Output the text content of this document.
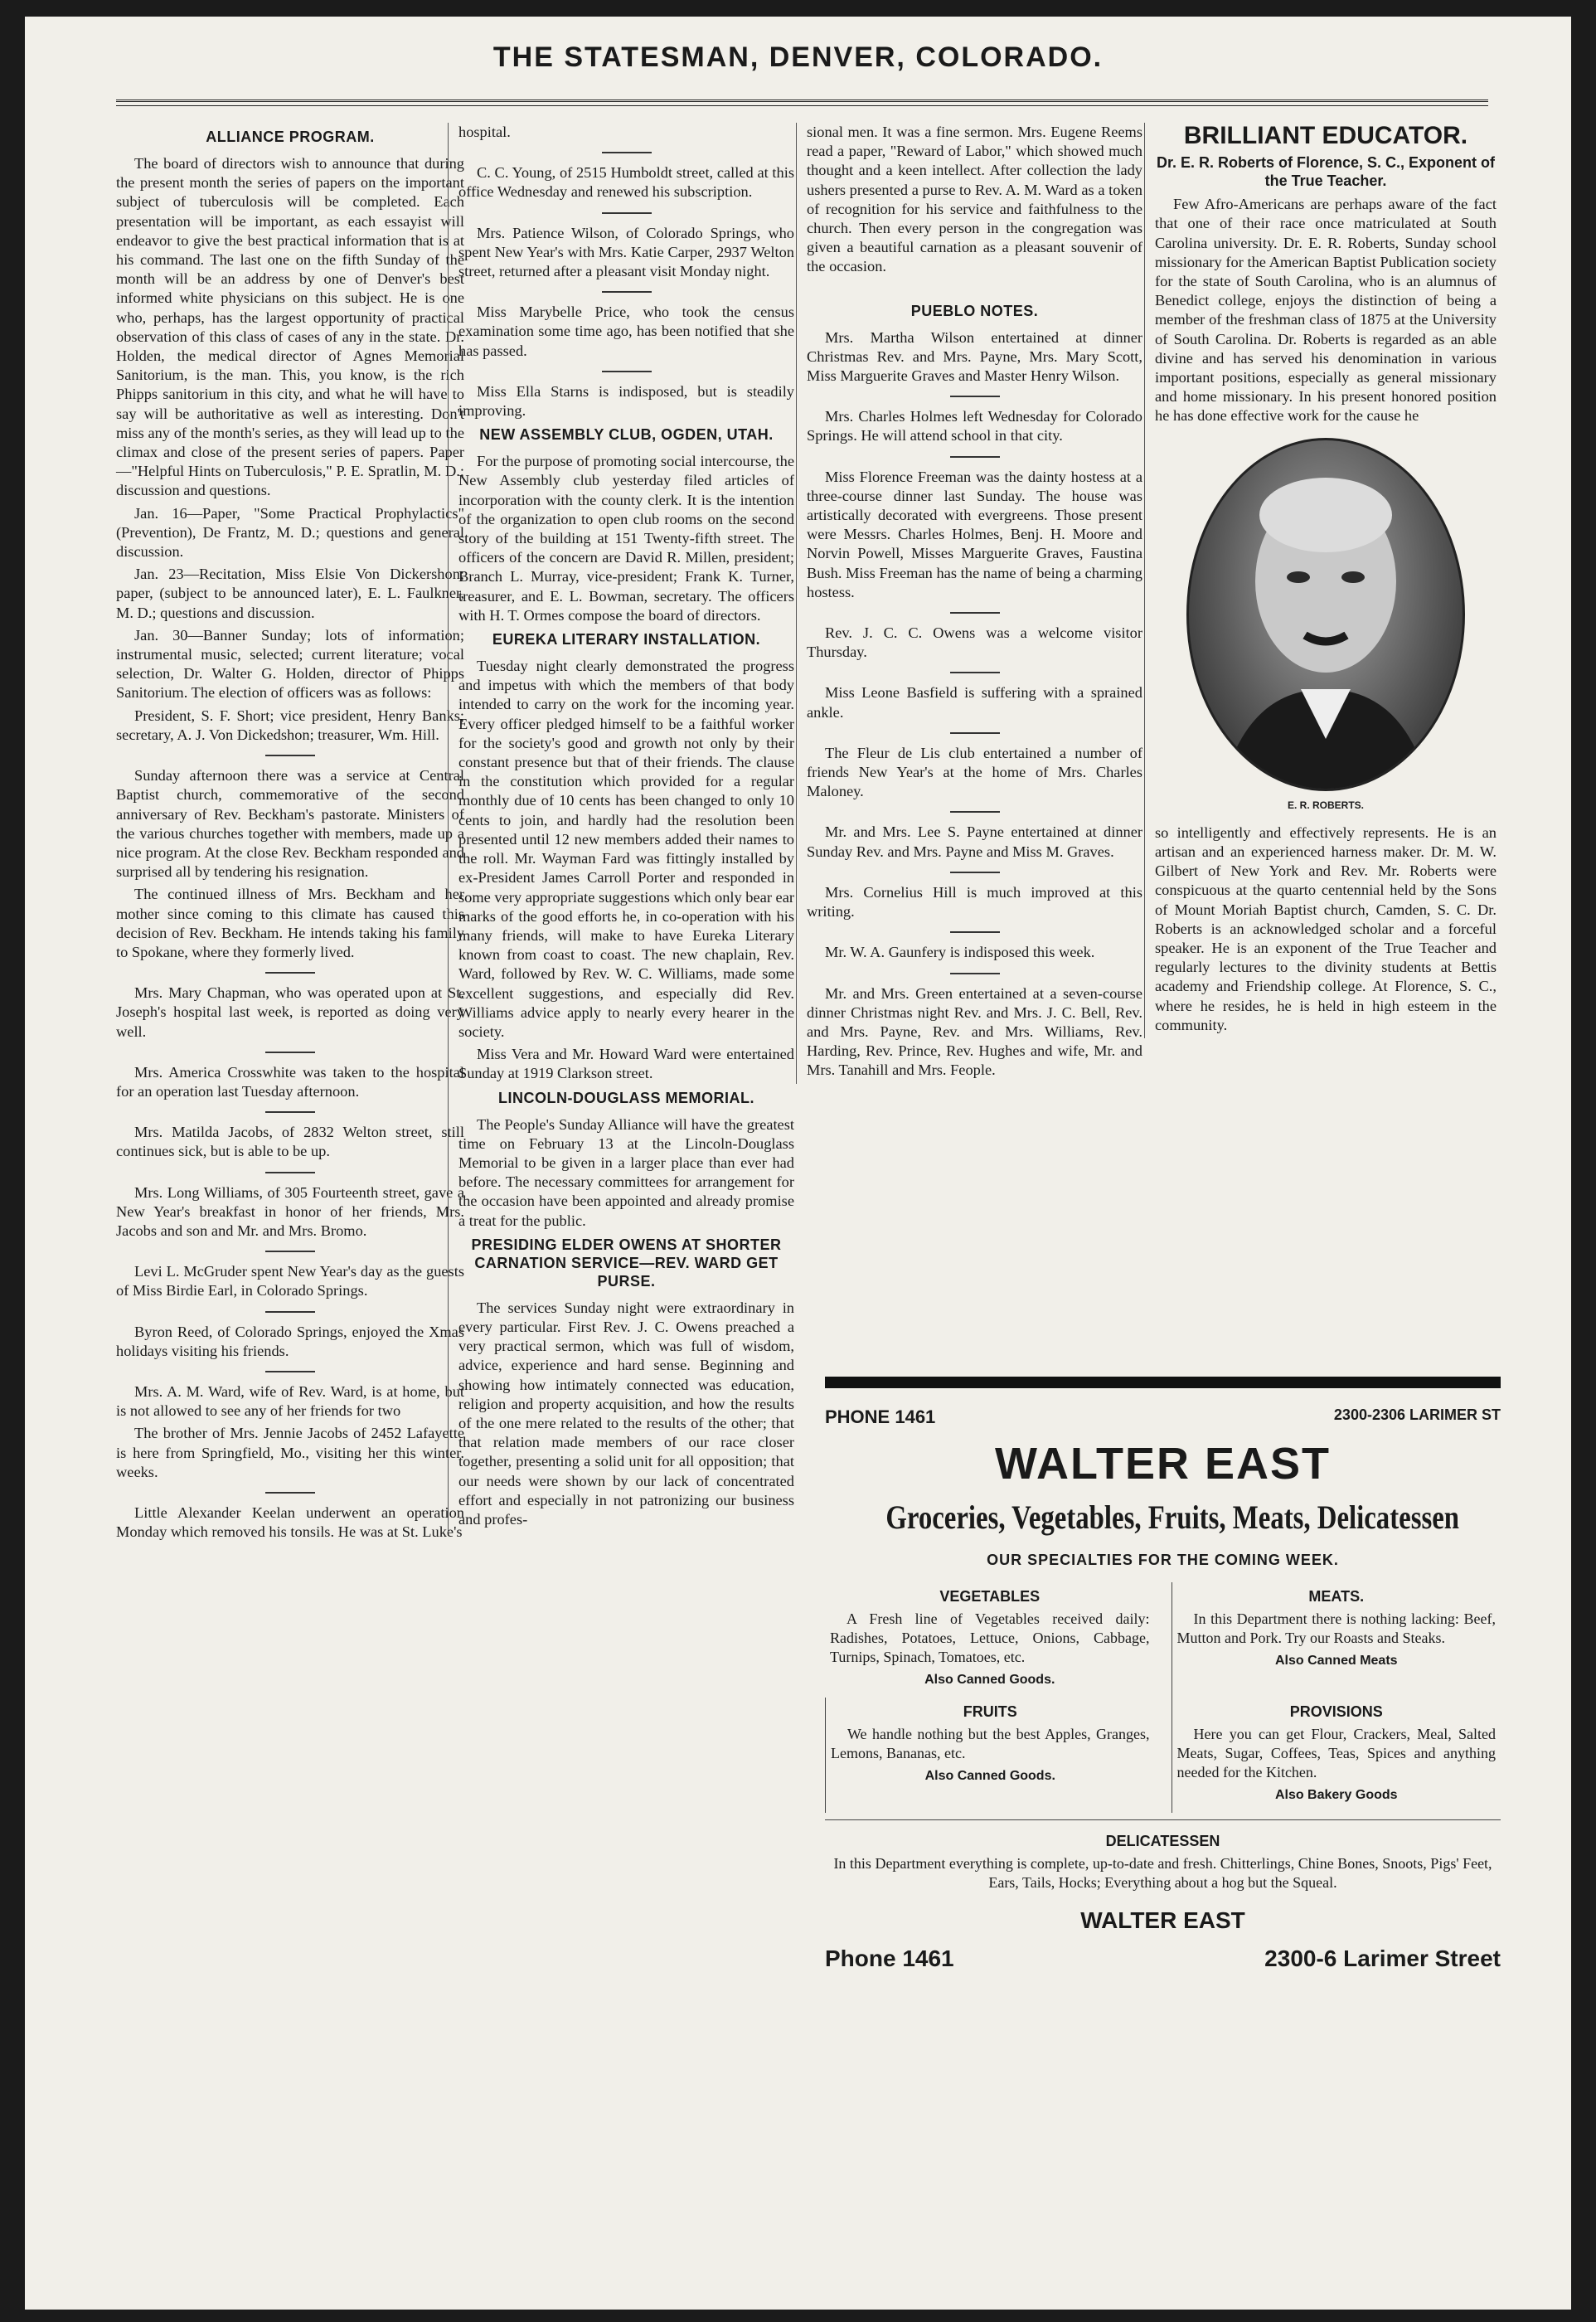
THE STATESMAN, DENVER, COLORADO.
ALLIANCE PROGRAM.

The board of directors wish to announce that during the present month the series of papers on the important subject of tuberculosis will be completed. Each presentation will be important, as each essayist will endeavor to give the best practical information that is at his command. The last one on the fifth Sunday of the month will be an address by one of Denver's best informed white physicians on this subject. He is one who, perhaps, has the largest opportunity of practical observation of this class of cases of any in the state. Dr. Holden, the medical director of Agnes Memorial Sanitorium, is the man. This, you know, is the rich Phipps sanitorium in this city, and what he will have to say will be authoritative as well as interesting. Don't miss any of the month's series, as they will lead up to the climax and close of the present series of papers. Paper—"Helpful Hints on Tuberculosis," P. E. Spratlin, M. D.; discussion and questions.

Jan. 16—Paper, "Some Practical Prophylactics" (Prevention), De Frantz, M. D.; questions and general discussion.

Jan. 23—Recitation, Miss Elsie Von Dickershon; paper, (subject to be announced later), E. L. Faulkner, M. D.; questions and discussion.

Jan. 30—Banner Sunday; lots of information; instrumental music, selected; current literature; vocal selection, Dr. Walter G. Holden, director of Phipps Sanitorium. The election of officers was as follows:

President, S. F. Short; vice president, Henry Banks; secretary, A. J. Von Dickedshon; treasurer, Wm. Hill.

Sunday afternoon there was a service at Central Baptist church, commemorative of the second anniversary of Rev. Beckham's pastorate. Ministers of the various churches together with members, made up a nice program. At the close Rev. Beckham responded and surprised all by tendering his resignation.

The continued illness of Mrs. Beckham and her mother since coming to this climate has caused this decision of Rev. Beckham. He intends taking his family to Spokane, where they formerly lived.

Mrs. Mary Chapman, who was operated upon at St. Joseph's hospital last week, is reported as doing very well.

Mrs. America Crosswhite was taken to the hospital for an operation last Tuesday afternoon.

Mrs. Matilda Jacobs, of 2832 Welton street, still continues sick, but is able to be up.

Mrs. Long Williams, of 305 Fourteenth street, gave a New Year's breakfast in honor of her friends, Mrs. Jacobs and son and Mr. and Mrs. Bromo.

Levi L. McGruder spent New Year's day as the guests of Miss Birdie Earl, in Colorado Springs.

Byron Reed, of Colorado Springs, enjoyed the Xmas holidays visiting his friends.

Mrs. A. M. Ward, wife of Rev. Ward, is at home, but is not allowed to see any of her friends for two

The brother of Mrs. Jennie Jacobs of 2452 Lafayette is here from Springfield, Mo., visiting her this winter. weeks.

Little Alexander Keelan underwent an operation Monday which removed his tonsils. He was at St. Luke's

hospital.

C. C. Young, of 2515 Humboldt street, called at this office Wednesday and renewed his subscription.

Mrs. Patience Wilson, of Colorado Springs, who spent New Year's with Mrs. Katie Carper, 2937 Welton street, returned after a pleasant visit Monday night.

Miss Marybelle Price, who took the census examination some time ago, has been notified that she has passed.

Miss Ella Starns is indisposed, but is steadily improving.

NEW ASSEMBLY CLUB, OGDEN, UTAH.

For the purpose of promoting social intercourse, the New Assembly club yesterday filed articles of incorporation with the county clerk. It is the intention of the organization to open club rooms on the second story of the building at 151 Twenty-fifth street. The officers of the concern are David R. Millen, president; Branch L. Murray, vice-president; Frank K. Turner, treasurer, and E. L. Bowman, secretary. The officers with H. T. Ormes compose the board of directors.

EUREKA LITERARY INSTALLATION.

Tuesday night clearly demonstrated the progress and impetus with which the members of that body intended to carry on the work for the incoming year. Every officer pledged himself to be a faithful worker for the society's good and growth not only by their constant presence but that of their friends. The clause in the constitution which provided for a regular monthly due of 10 cents has been changed to only 10 cents to join, and hardly had the resolution been presented until 12 new members added their names to the roll. Mr. Wayman Fard was fittingly installed by ex-President James Carroll Porter and responded in some very appropriate suggestions which only bear ear marks of the good efforts he, in co-operation with his many friends, will make to have Eureka Literary known from coast to coast. The new chaplain, Rev. Ward, followed by Rev. W. C. Williams, made some excellent suggestions, and especially did Rev. Williams advice apply to nearly every hearer in the society.

Miss Vera and Mr. Howard Ward were entertained Sunday at 1919 Clarkson street.

LINCOLN-DOUGLASS MEMORIAL.

The People's Sunday Alliance will have the greatest time on February 13 at the Lincoln-Douglass Memorial to be given in a larger place than ever had before. The necessary committees for arrangement for the occasion have been appointed and already promise a treat for the public.

PRESIDING ELDER OWENS AT SHORTER CARNATION SERVICE—REV. WARD GET PURSE.

The services Sunday night were extraordinary in every particular. First Rev. J. C. Owens preached a very practical sermon, which was full of wisdom, advice, experience and hard sense. Beginning and showing how intimately connected was education, religion and property acquisition, and how the results of the one mere related to the results of the other; that that relation made members of our race closer together, presenting a solid unit for all opposition; that our needs were shown by our lack of concentrated effort and especially in not patronizing our business and profes-

sional men. It was a fine sermon. Mrs. Eugene Reems read a paper, "Reward of Labor," which showed much thought and a keen intellect. After collection the lady ushers presented a purse to Rev. A. M. Ward as a token of recognition for his service and faithfulness to the church. Then every person in the congregation was given a beautiful carnation as a pleasant souvenir of the occasion.

PUEBLO NOTES.

Mrs. Martha Wilson entertained at dinner Christmas Rev. and Mrs. Payne, Mrs. Mary Scott, Miss Marguerite Graves and Master Henry Wilson.

Mrs. Charles Holmes left Wednesday for Colorado Springs. He will attend school in that city.

Miss Florence Freeman was the dainty hostess at a three-course dinner last Sunday. The house was artistically decorated with evergreens. Those present were Messrs. Charles Holmes, Benj. H. Moore and Norvin Powell, Misses Marguerite Graves, Faustina Bush. Miss Freeman has the name of being a charming hostess.

Rev. J. C. C. Owens was a welcome visitor Thursday.

Miss Leone Basfield is suffering with a sprained ankle.

The Fleur de Lis club entertained a number of friends New Year's at the home of Mrs. Charles Maloney.

Mr. and Mrs. Lee S. Payne entertained at dinner Sunday Rev. and Mrs. Payne and Miss M. Graves.

Mrs. Cornelius Hill is much improved at this writing.

Mr. W. A. Gaunfery is indisposed this week.

Mr. and Mrs. Green entertained at a seven-course dinner Christmas night Rev. and Mrs. J. C. Bell, Rev. and Mrs. Payne, Rev. and Mrs. Williams, Rev. Harding, Rev. Prince, Rev. Hughes and wife, Mr. and Mrs. Tanahill and Mrs. Feople.

BRILLIANT EDUCATOR.
Dr. E. R. Roberts of Florence, S. C., Exponent of the True Teacher.

Few Afro-Americans are perhaps aware of the fact that one of their race once matriculated at South Carolina university. Dr. E. R. Roberts, Sunday school missionary for the American Baptist Publication society for the state of South Carolina, who is an alumnus of Benedict college, enjoys the distinction of being a member of the freshman class of 1875 at the University of South Carolina. Dr. Roberts is regarded as an able divine and has served his denomination in various important positions, especially as general missionary and home missionary. In his present honored position he has done effective work for the cause he

E. R. ROBERTS.

so intelligently and effectively represents. He is an artisan and an experienced harness maker. Dr. M. W. Gilbert of New York and Rev. Mr. Roberts were conspicuous at the quarto centennial held by the Sons of Mount Moriah Baptist church, Camden, S. C. Dr. Roberts is an acknowledged scholar and a forceful speaker. He is an exponent of the True Teacher and regularly lectures to the divinity students at Bettis academy and Friendship college. At Florence, S. C., where he resides, he is held in high esteem in the community.

PHONE 1461	2300-2306 LARIMER ST
WALTER EAST
Groceries, Vegetables, Fruits, Meats, Delicatessen
OUR SPECIALTIES FOR THE COMING WEEK.
VEGETABLES

A Fresh line of Vegetables received daily: Radishes, Potatoes, Lettuce, Onions, Cabbage, Turnips, Spinach, Tomatoes, etc.

Also Canned Goods.
MEATS.

In this Department there is nothing lacking: Beef, Mutton and Pork. Try our Roasts and Steaks.

Also Canned Meats
FRUITS

We handle nothing but the best Apples, Granges, Lemons, Bananas, etc.

Also Canned Goods.
PROVISIONS

Here you can get Flour, Crackers, Meal, Salted Meats, Sugar, Coffees, Teas, Spices and anything needed for the Kitchen.

Also Bakery Goods
DELICATESSEN

In this Department everything is complete, up-to-date and fresh. Chitterlings, Chine Bones, Snoots, Pigs' Feet, Ears, Tails, Hocks; Everything about a hog but the Squeal.

WALTER EAST
Phone 1461	2300-6 Larimer Street
